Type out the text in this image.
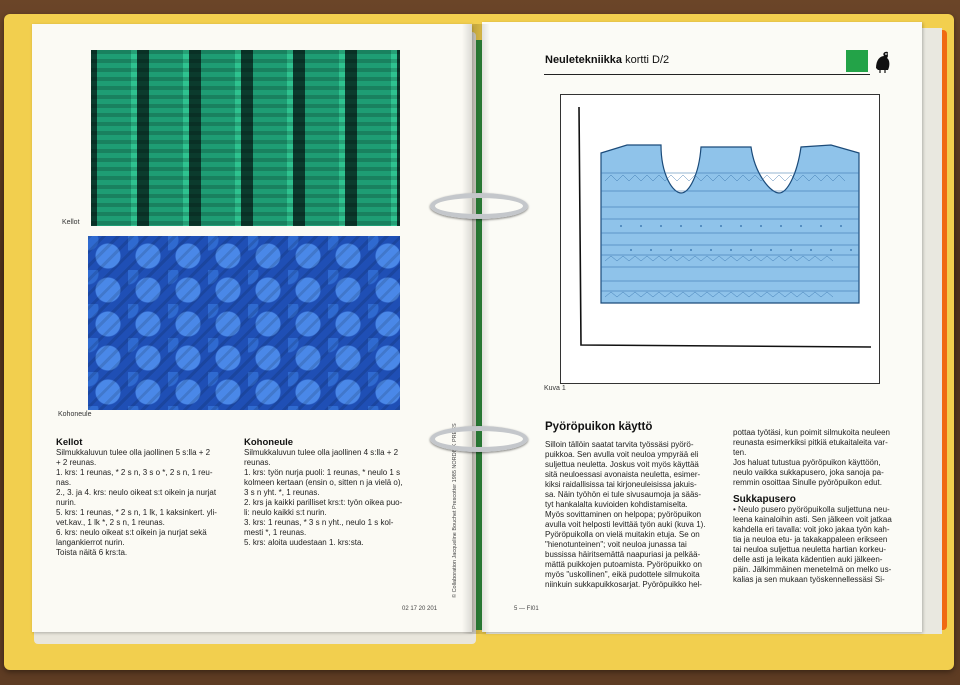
Kellot
Kohoneule
Kellot

Silmukkaluvun tulee olla jaollinen 5 s:lla + 2

+ 2 reunas.

1. krs: 1 reunas, * 2 s n, 3 s o *, 2 s n, 1 reu-

nas.

2., 3. ja 4. krs: neulo oikeat s:t oikein ja nurjat

nurin.

5. krs: 1 reunas, * 2 s n, 1 lk, 1 kaksinkert. yli-

vet.kav., 1 lk *, 2 s n, 1 reunas.

6. krs: neulo oikeat s:t oikein ja nurjat sekä

langankierrot nurin.

Toista näitä 6 krs:ta.

Kohoneule

Silmukkaluvun tulee olla jaollinen 4 s:lla + 2

reunas.

1. krs: työn nurja puoli: 1 reunas, * neulo 1 s

kolmeen kertaan (ensin o, sitten n ja vielä o),

3 s n yht. *, 1 reunas.

2. krs ja kaikki parilliset krs:t: työn oikea puo-

li: neulo kaikki s:t nurin.

3. krs: 1 reunas, * 3 s n yht., neulo 1 s kol-

mesti *, 1 reunas.

5. krs: aloita uudestaan 1. krs:sta.	© Collaboration Jacqueline Bouchet Prescotter 1985 NORDISK PRESS
02 17 20 201
Neuletekniikka kortti D/2
Kuva 1
Pyöröpuikon käyttö

Silloin tällöin saatat tarvita työssäsi pyörö-

puikkoa. Sen avulla voit neuloa ympyrää eli

suljettua neuletta. Joskus voit myös käyttää

sitä neuloessasi avonaista neuletta, esimer-

kiksi raidallisissa tai kirjoneuleisissa jakuis-

sa. Näin työhön ei tule sivusaumoja ja sääs-

tyt hankalalta kuvioiden kohdistamiselta.

Myös sovittaminen on helpopa; pyöröpuikon

avulla voit helposti levittää työn auki (kuva 1).

Pyöröpuikolla on vielä muitakin etuja. Se on

"hienotunteinen"; voit neuloa junassa tai

bussissa häiritsemättä naapuriasi ja pelkää-

mättä puikkojen putoamista. Pyöröpuikko on

myös "uskollinen", eikä pudottele silmukoita

niinkuin sukkapuikkosarjat. Pyöröpuikko hel-

pottaa työtäsi, kun poimit silmukoita neuleen

reunasta esimerkiksi pitkiä etukaitaleita var-

ten.

Jos haluat tutustua pyöröpuikon käyttöön,

neulo vaikka sukkapusero, joka sanoja pa-

remmin osoittaa Sinulle pyöröpuikon edut.

Sukkapusero

• Neulo pusero pyöröpuikolla suljettuna neu-

leena kainaloihin asti. Sen jälkeen voit jatkaa

kahdella eri tavalla: voit joko jakaa työn kah-

tia ja neuloa etu- ja takakappaleen erikseen

tai neuloa suljettua neuletta hartian korkeu-

delle asti ja leikata kädentien auki jälkeen-

päin. Jälkimmäinen menetelmä on melko us-

kalias ja sen mukaan työskennellessäsi Si-

5 — FI01
